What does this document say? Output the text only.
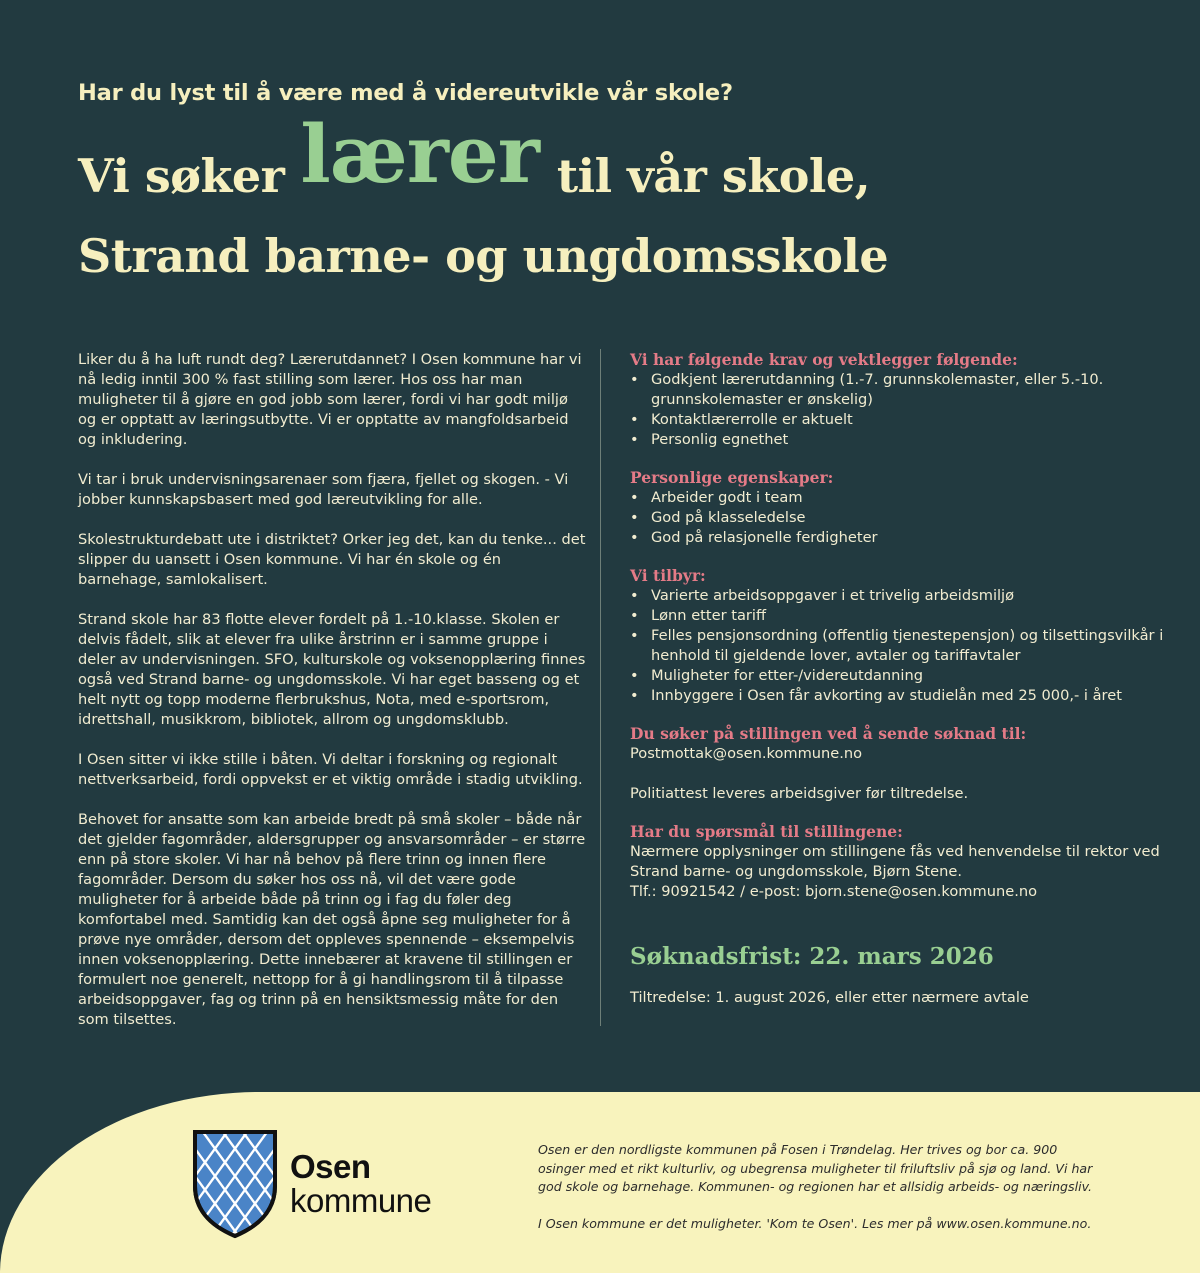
Har du lyst til å være med å videreutvikle vår skole?
Vi søker lærer til vår skole,
Strand barne- og ungdomsskole

Liker du å ha luft rundt deg? Lærerutdannet? I Osen kommune har vi nå ledig inntil 300 % fast stilling som lærer. Hos oss har man muligheter til å gjøre en god jobb som lærer, fordi vi har godt miljø og er opptatt av læringsutbytte. Vi er opptatte av mangfoldsarbeid og inkludering.

Vi tar i bruk undervisningsarenaer som fjæra, fjellet og skogen. - Vi jobber kunnskapsbasert med god læreutvikling for alle.

Skolestrukturdebatt ute i distriktet? Orker jeg det, kan du tenke... det slipper du uansett i Osen kommune. Vi har én skole og én barnehage, samlokalisert.

Strand skole har 83 flotte elever fordelt på 1.-10.klasse. Skolen er delvis fådelt, slik at elever fra ulike årstrinn er i samme gruppe i deler av undervisningen. SFO, kulturskole og voksenopplæring finnes også ved Strand barne- og ungdomsskole. Vi har eget basseng og et helt nytt og topp moderne flerbrukshus, Nota, med e-sportsrom, idrettshall, musikkrom, bibliotek, allrom og ungdomsklubb.

I Osen sitter vi ikke stille i båten. Vi deltar i forskning og regionalt nettverksarbeid, fordi oppvekst er et viktig område i stadig utvikling.

Behovet for ansatte som kan arbeide bredt på små skoler – både når det gjelder fagområder, aldersgrupper og ansvarsområder – er større enn på store skoler. Vi har nå behov på flere trinn og innen flere fagområder. Dersom du søker hos oss nå, vil det være gode muligheter for å arbeide både på trinn og i fag du føler deg komfortabel med. Samtidig kan det også åpne seg muligheter for å prøve nye områder, dersom det oppleves spennende – eksempelvis innen voksenopplæring. Dette innebærer at kravene til stillingen er formulert noe generelt, nettopp for å gi handlingsrom til å tilpasse arbeidsoppgaver, fag og trinn på en hensiktsmessig måte for den som tilsettes.

Vi har følgende krav og vektlegger følgende:
• Godkjent lærerutdanning (1.-7. grunnskolemaster, eller 5.-10. grunnskolemaster er ønskelig)
• Kontaktlærerrolle er aktuelt
• Personlig egnethet
Personlige egenskaper:
• Arbeider godt i team
• God på klasseledelse
• God på relasjonelle ferdigheter
Vi tilbyr:
• Varierte arbeidsoppgaver i et trivelig arbeidsmiljø
• Lønn etter tariff
• Felles pensjonsordning (offentlig tjenestepensjon) og tilsettingsvilkår i henhold til gjeldende lover, avtaler og tariffavtaler
• Muligheter for etter-/videreutdanning
• Innbyggere i Osen får avkorting av studielån med 25 000,- i året
Du søker på stillingen ved å sende søknad til:

Postmottak@osen.kommune.no

Politiattest leveres arbeidsgiver før tiltredelse.

Har du spørsmål til stillingene:

Nærmere opplysninger om stillingene fås ved henvendelse til rektor ved Strand barne- og ungdomsskole, Bjørn Stene.

Tlf.: 90921542 / e-post: bjorn.stene@osen.kommune.no

Søknadsfrist: 22. mars 2026

Tiltredelse: 1. august 2026, eller etter nærmere avtale

Osen
kommune

Osen er den nordligste kommunen på Fosen i Trøndelag. Her trives og bor ca. 900 osinger med et rikt kulturliv, og ubegrensa muligheter til friluftsliv på sjø og land. Vi har god skole og barnehage. Kommunen- og regionen har et allsidig arbeids- og næringsliv.

I Osen kommune er det muligheter. 'Kom te Osen'. Les mer på www.osen.kommune.no.
